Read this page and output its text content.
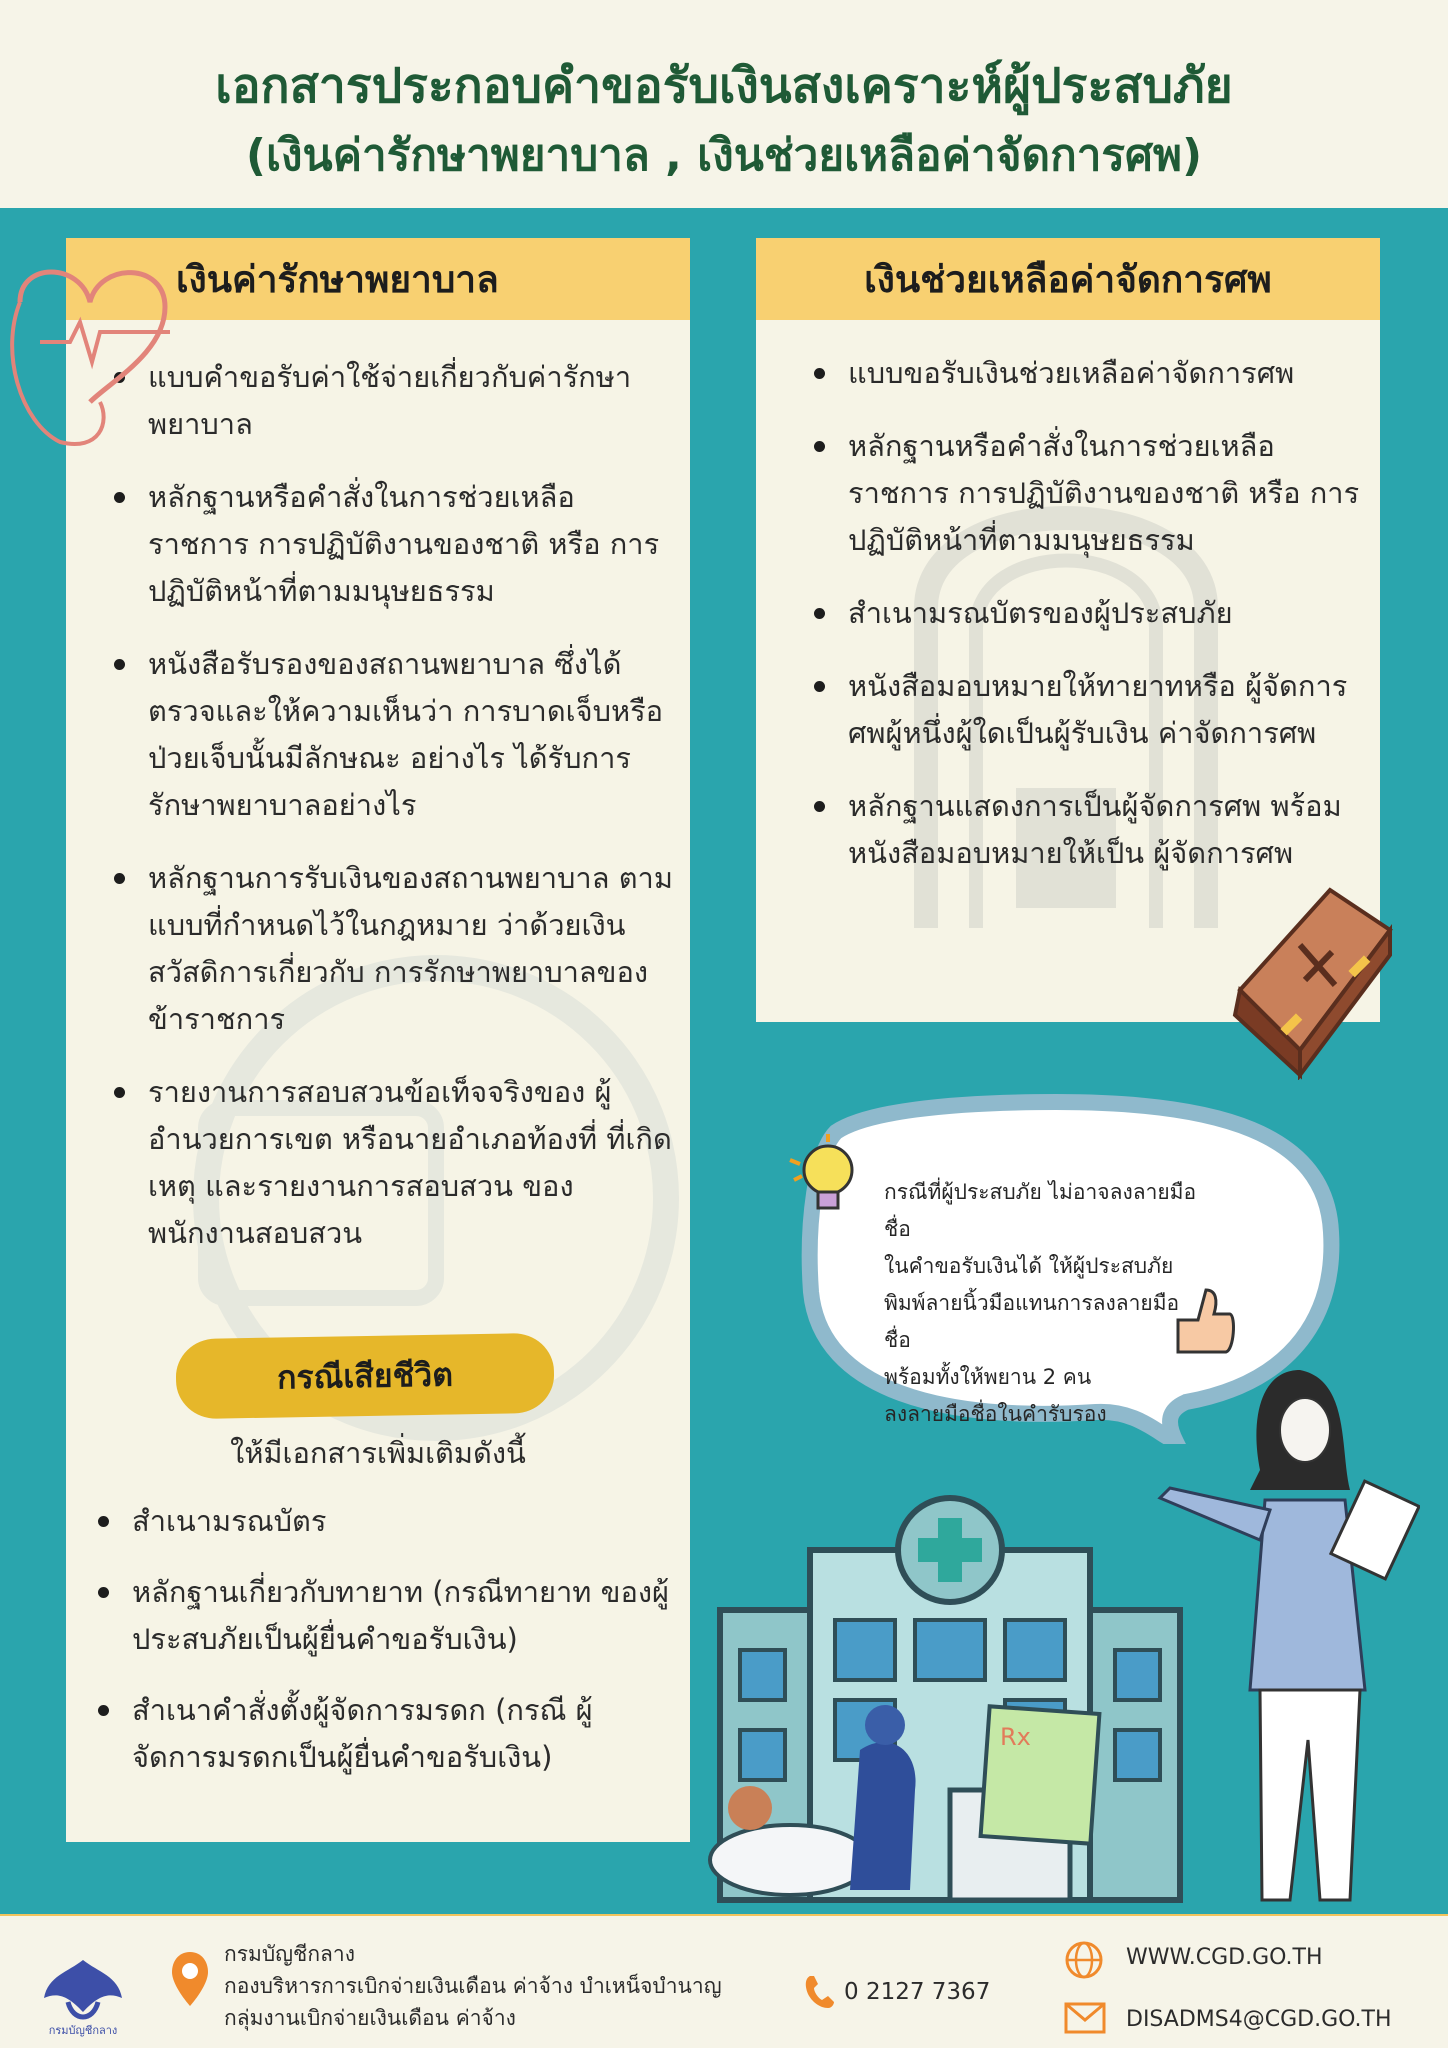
เอกสารประกอบคำขอรับเงินสงเคราะห์ผู้ประสบภัย
(เงินค่ารักษาพยาบาล , เงินช่วยเหลือค่าจัดการศพ)
เงินค่ารักษาพยาบาล
แบบคำขอรับค่าใช้จ่ายเกี่ยวกับค่ารักษา พยาบาล
หลักฐานหรือคำสั่งในการช่วยเหลือ ราชการ การปฏิบัติงานของชาติ หรือ การปฏิบัติหน้าที่ตามมนุษยธรรม
หนังสือรับรองของสถานพยาบาล ซึ่งได้ตรวจและให้ความเห็นว่า การบาดเจ็บหรือป่วยเจ็บนั้นมีลักษณะ อย่างไร ได้รับการรักษาพยาบาลอย่างไร
หลักฐานการรับเงินของสถานพยาบาล ตามแบบที่กำหนดไว้ในกฎหมาย ว่าด้วยเงินสวัสดิการเกี่ยวกับ การรักษาพยาบาลของข้าราชการ
รายงานการสอบสวนข้อเท็จจริงของ ผู้อำนวยการเขต หรือนายอำเภอท้องที่ ที่เกิดเหตุ และรายงานการสอบสวน ของพนักงานสอบสวน
กรณีเสียชีวิต
ให้มีเอกสารเพิ่มเติมดังนี้
สำเนามรณบัตร
หลักฐานเกี่ยวกับทายาท (กรณีทายาท ของผู้ประสบภัยเป็นผู้ยื่นคำขอรับเงิน)
สำเนาคำสั่งตั้งผู้จัดการมรดก (กรณี ผู้จัดการมรดกเป็นผู้ยื่นคำขอรับเงิน)
เงินช่วยเหลือค่าจัดการศพ
แบบขอรับเงินช่วยเหลือค่าจัดการศพ
หลักฐานหรือคำสั่งในการช่วยเหลือ ราชการ การปฏิบัติงานของชาติ หรือ การปฏิบัติหน้าที่ตามมนุษยธรรม
สำเนามรณบัตรของผู้ประสบภัย
หนังสือมอบหมายให้ทายาทหรือ ผู้จัดการศพผู้หนึ่งผู้ใดเป็นผู้รับเงิน ค่าจัดการศพ
หลักฐานแสดงการเป็นผู้จัดการศพ พร้อมหนังสือมอบหมายให้เป็น ผู้จัดการศพ
กรณีที่ผู้ประสบภัย ไม่อาจลงลายมือชื่อ
ในคำขอรับเงินได้ ให้ผู้ประสบภัย
พิมพ์ลายนิ้วมือแทนการลงลายมือชื่อ
พร้อมทั้งให้พยาน 2 คน
ลงลายมือชื่อในคำรับรอง
Rx
กรมบัญชีกลาง
กรมบัญชีกลาง
กองบริหารการเบิกจ่ายเงินเดือน ค่าจ้าง บำเหน็จบำนาญ
กลุ่มงานเบิกจ่ายเงินเดือน ค่าจ้าง
0 2127 7367
WWW.CGD.GO.TH
DISADMS4@CGD.GO.TH
